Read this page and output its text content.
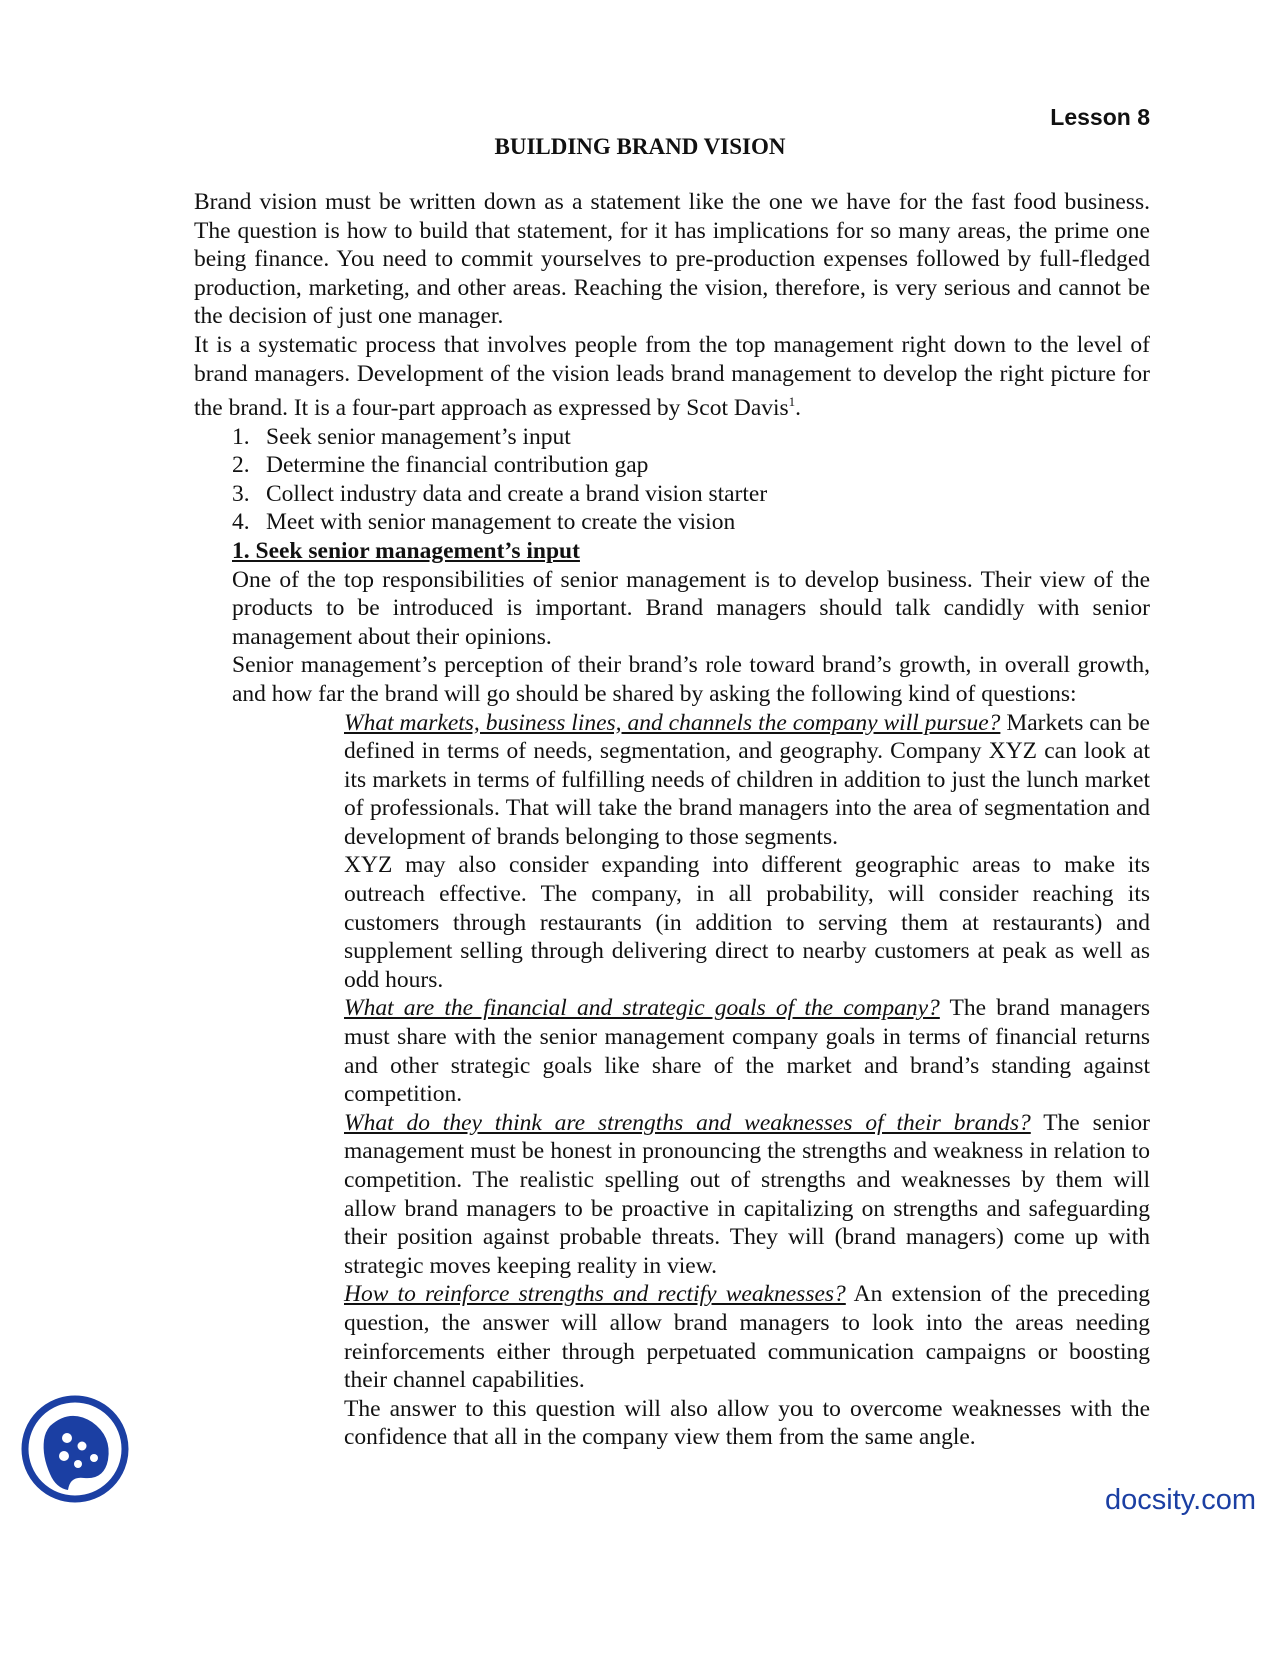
Lesson 8
BUILDING BRAND VISION

Brand vision must be written down as a statement like the one we have for the fast food business. The question is how to build that statement, for it has implications for so many areas, the prime one being finance. You need to commit yourselves to pre-production expenses followed by full-fledged production, marketing, and other areas. Reaching the vision, therefore, is very serious and cannot be the decision of just one manager.

It is a systematic process that involves people from the top management right down to the level of brand managers. Development of the vision leads brand management to develop the right picture for the brand. It is a four-part approach as expressed by Scot Davis$^1$.

1. Seek senior management’s input
2. Determine the financial contribution gap
3. Collect industry data and create a brand vision starter
4. Meet with senior management to create the vision

1. Seek senior management’s input

One of the top responsibilities of senior management is to develop business. Their view of the products to be introduced is important. Brand managers should talk candidly with senior management about their opinions.

Senior management’s perception of their brand’s role toward brand’s growth, in overall growth, and how far the brand will go should be shared by asking the following kind of questions:

What markets, business lines, and channels the company will pursue? Markets can be defined in terms of needs, segmentation, and geography. Company XYZ can look at its markets in terms of fulfilling needs of children in addition to just the lunch market of professionals. That will take the brand managers into the area of segmentation and development of brands belonging to those segments.

XYZ may also consider expanding into different geographic areas to make its outreach effective. The company, in all probability, will consider reaching its customers through restaurants (in addition to serving them at restaurants) and supplement selling through delivering direct to nearby customers at peak as well as odd hours.

What are the financial and strategic goals of the company? The brand managers must share with the senior management company goals in terms of financial returns and other strategic goals like share of the market and brand’s standing against competition.

What do they think are strengths and weaknesses of their brands? The senior management must be honest in pronouncing the strengths and weakness in relation to competition. The realistic spelling out of strengths and weaknesses by them will allow brand managers to be proactive in capitalizing on strengths and safeguarding their position against probable threats. They will (brand managers) come up with strategic moves keeping reality in view.

How to reinforce strengths and rectify weaknesses? An extension of the preceding question, the answer will allow brand managers to look into the areas needing reinforcements either through perpetuated communication campaigns or boosting their channel capabilities.

The answer to this question will also allow you to overcome weaknesses with the confidence that all in the company view them from the same angle.

docsity.com
